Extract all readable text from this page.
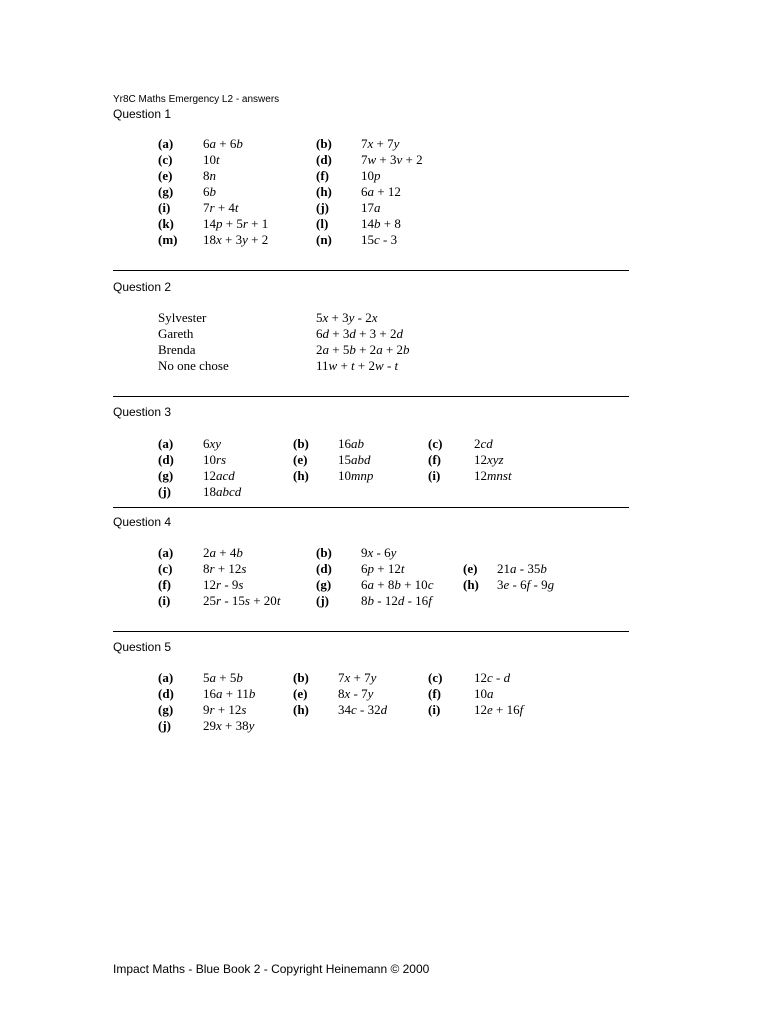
Yr8C Maths Emergency L2 - answers
Question 1
(a) 6a + 6b	(b) 7x + 7y
(c) 10t	(d) 7w + 3v + 2
(e) 8n	(f) 10p
(g) 6b	(h) 6a + 12
(i)	7r + 4t	(j) 17a
(k) 14p + 5r + 1	(l)	14b + 8
(m) 18x + 3y + 2	(n) 15c - 3
Question 2
Sylvester	5x + 3y - 2x
Gareth	6d + 3d + 3 + 2d
Brenda	2a + 5b + 2a + 2b
No one chose	11w + t + 2w - t
Question 3
(a) 6xy	(b) 16ab	(c) 2cd
(d) 10rs	(e) 15abd	(f)	12xyz
(g) 12acd	(h) 10mnp	(i)	12mnst
(j) 18abcd
Question 4
(a) 2a + 4b	(b) 9x - 6y
(c) 8r + 12s	(d) 6p + 12t	(e) 21a - 35b
(f) 12r - 9s	(g) 6a + 8b + 10c (h) 3e - 6f - 9g
(i)	25r - 15s + 20t	(j) 8b - 12d - 16f
Question 5
(a) 5a + 5b	(b) 7x + 7y	(c) 12c - d
(d) 16a + 11b	(e) 8x - 7y	(f)	10a
(g) 9r + 12s	(h) 34c - 32d	(i)	12e + 16f
(j) 29x + 38y
Impact Maths - Blue Book 2 - Copyright Heinemann © 2000
